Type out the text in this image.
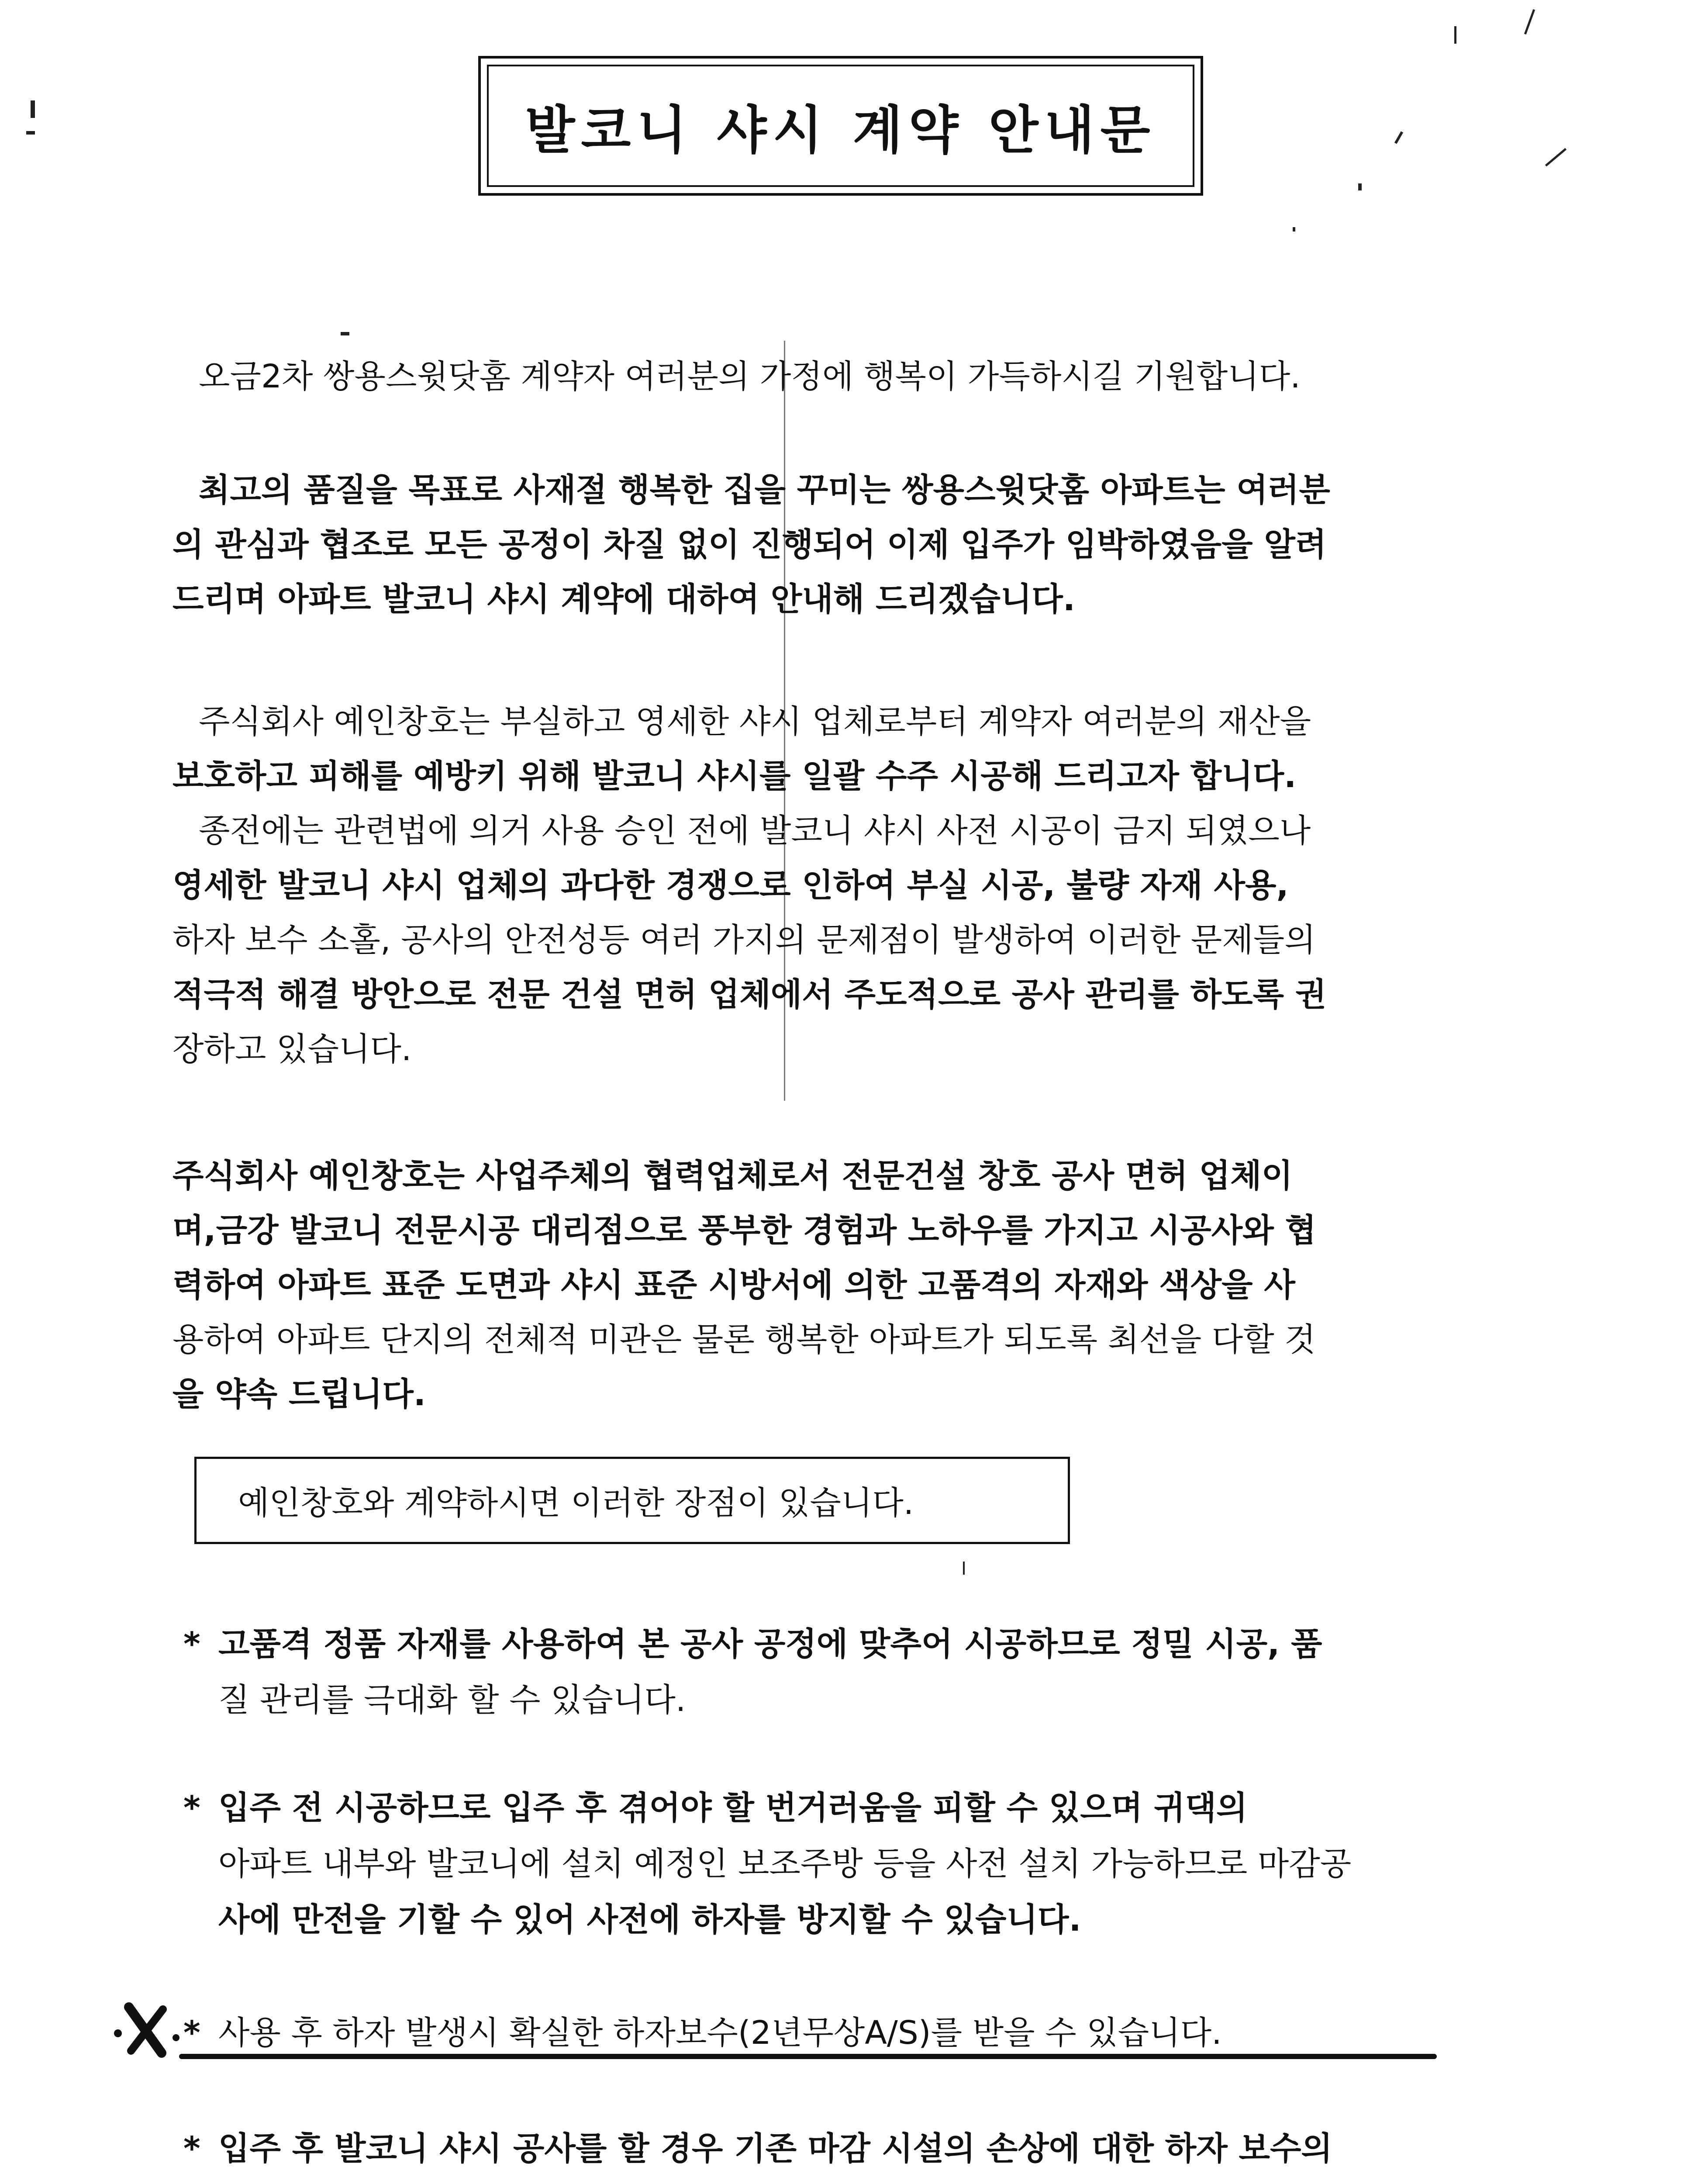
발코니 샤시 계약 안내문

오금2차 쌍용스윗닷홈 계약자 여러분의 가정에 행복이 가득하시길 기원합니다.

최고의 품질을 목표로 사재절 행복한 집을 꾸미는 쌍용스윗닷홈 아파트는 여러분
의 관심과 협조로 모든 공정이 차질 없이 진행되어 이제 입주가 임박하였음을 알려
드리며 아파트 발코니 샤시 계약에 대하여 안내해 드리겠습니다.
주식회사 예인창호는 부실하고 영세한 샤시 업체로부터 계약자 여러분의 재산을
보호하고 피해를 예방키 위해 발코니 샤시를 일괄 수주 시공해 드리고자 합니다.
종전에는 관련법에 의거 사용 승인 전에 발코니 샤시 사전 시공이 금지 되였으나
영세한 발코니 샤시 업체의 과다한 경쟁으로 인하여 부실 시공, 불량 자재 사용,
하자 보수 소홀, 공사의 안전성등 여러 가지의 문제점이 발생하여 이러한 문제들의
적극적 해결 방안으로 전문 건설 면허 업체에서 주도적으로 공사 관리를 하도록 권
장하고 있습니다.
주식회사 예인창호는 사업주체의 협력업체로서 전문건설 창호 공사 면허 업체이
며,금강 발코니 전문시공 대리점으로 풍부한 경험과 노하우를 가지고 시공사와 협
력하여 아파트 표준 도면과 샤시 표준 시방서에 의한 고품격의 자재와 색상을 사
용하여 아파트 단지의 전체적 미관은 물론 행복한 아파트가 되도록 최선을 다할 것
을 약속 드립니다.
예인창호와 계약하시면 이러한 장점이 있습니다.
* 고품격 정품 자재를 사용하여 본 공사 공정에 맞추어 시공하므로 정밀 시공, 품
질 관리를 극대화 할 수 있습니다.
* 입주 전 시공하므로 입주 후 겪어야 할 번거러움을 피할 수 있으며 귀댁의
아파트 내부와 발코니에 설치 예정인 보조주방 등을 사전 설치 가능하므로 마감공
사에 만전을 기할 수 있어 사전에 하자를 방지할 수 있습니다.
* 사용 후 하자 발생시 확실한 하자보수(2년무상A/S)를 받을 수 있습니다.
* 입주 후 발코니 샤시 공사를 할 경우 기존 마감 시설의 손상에 대한 하자 보수의
